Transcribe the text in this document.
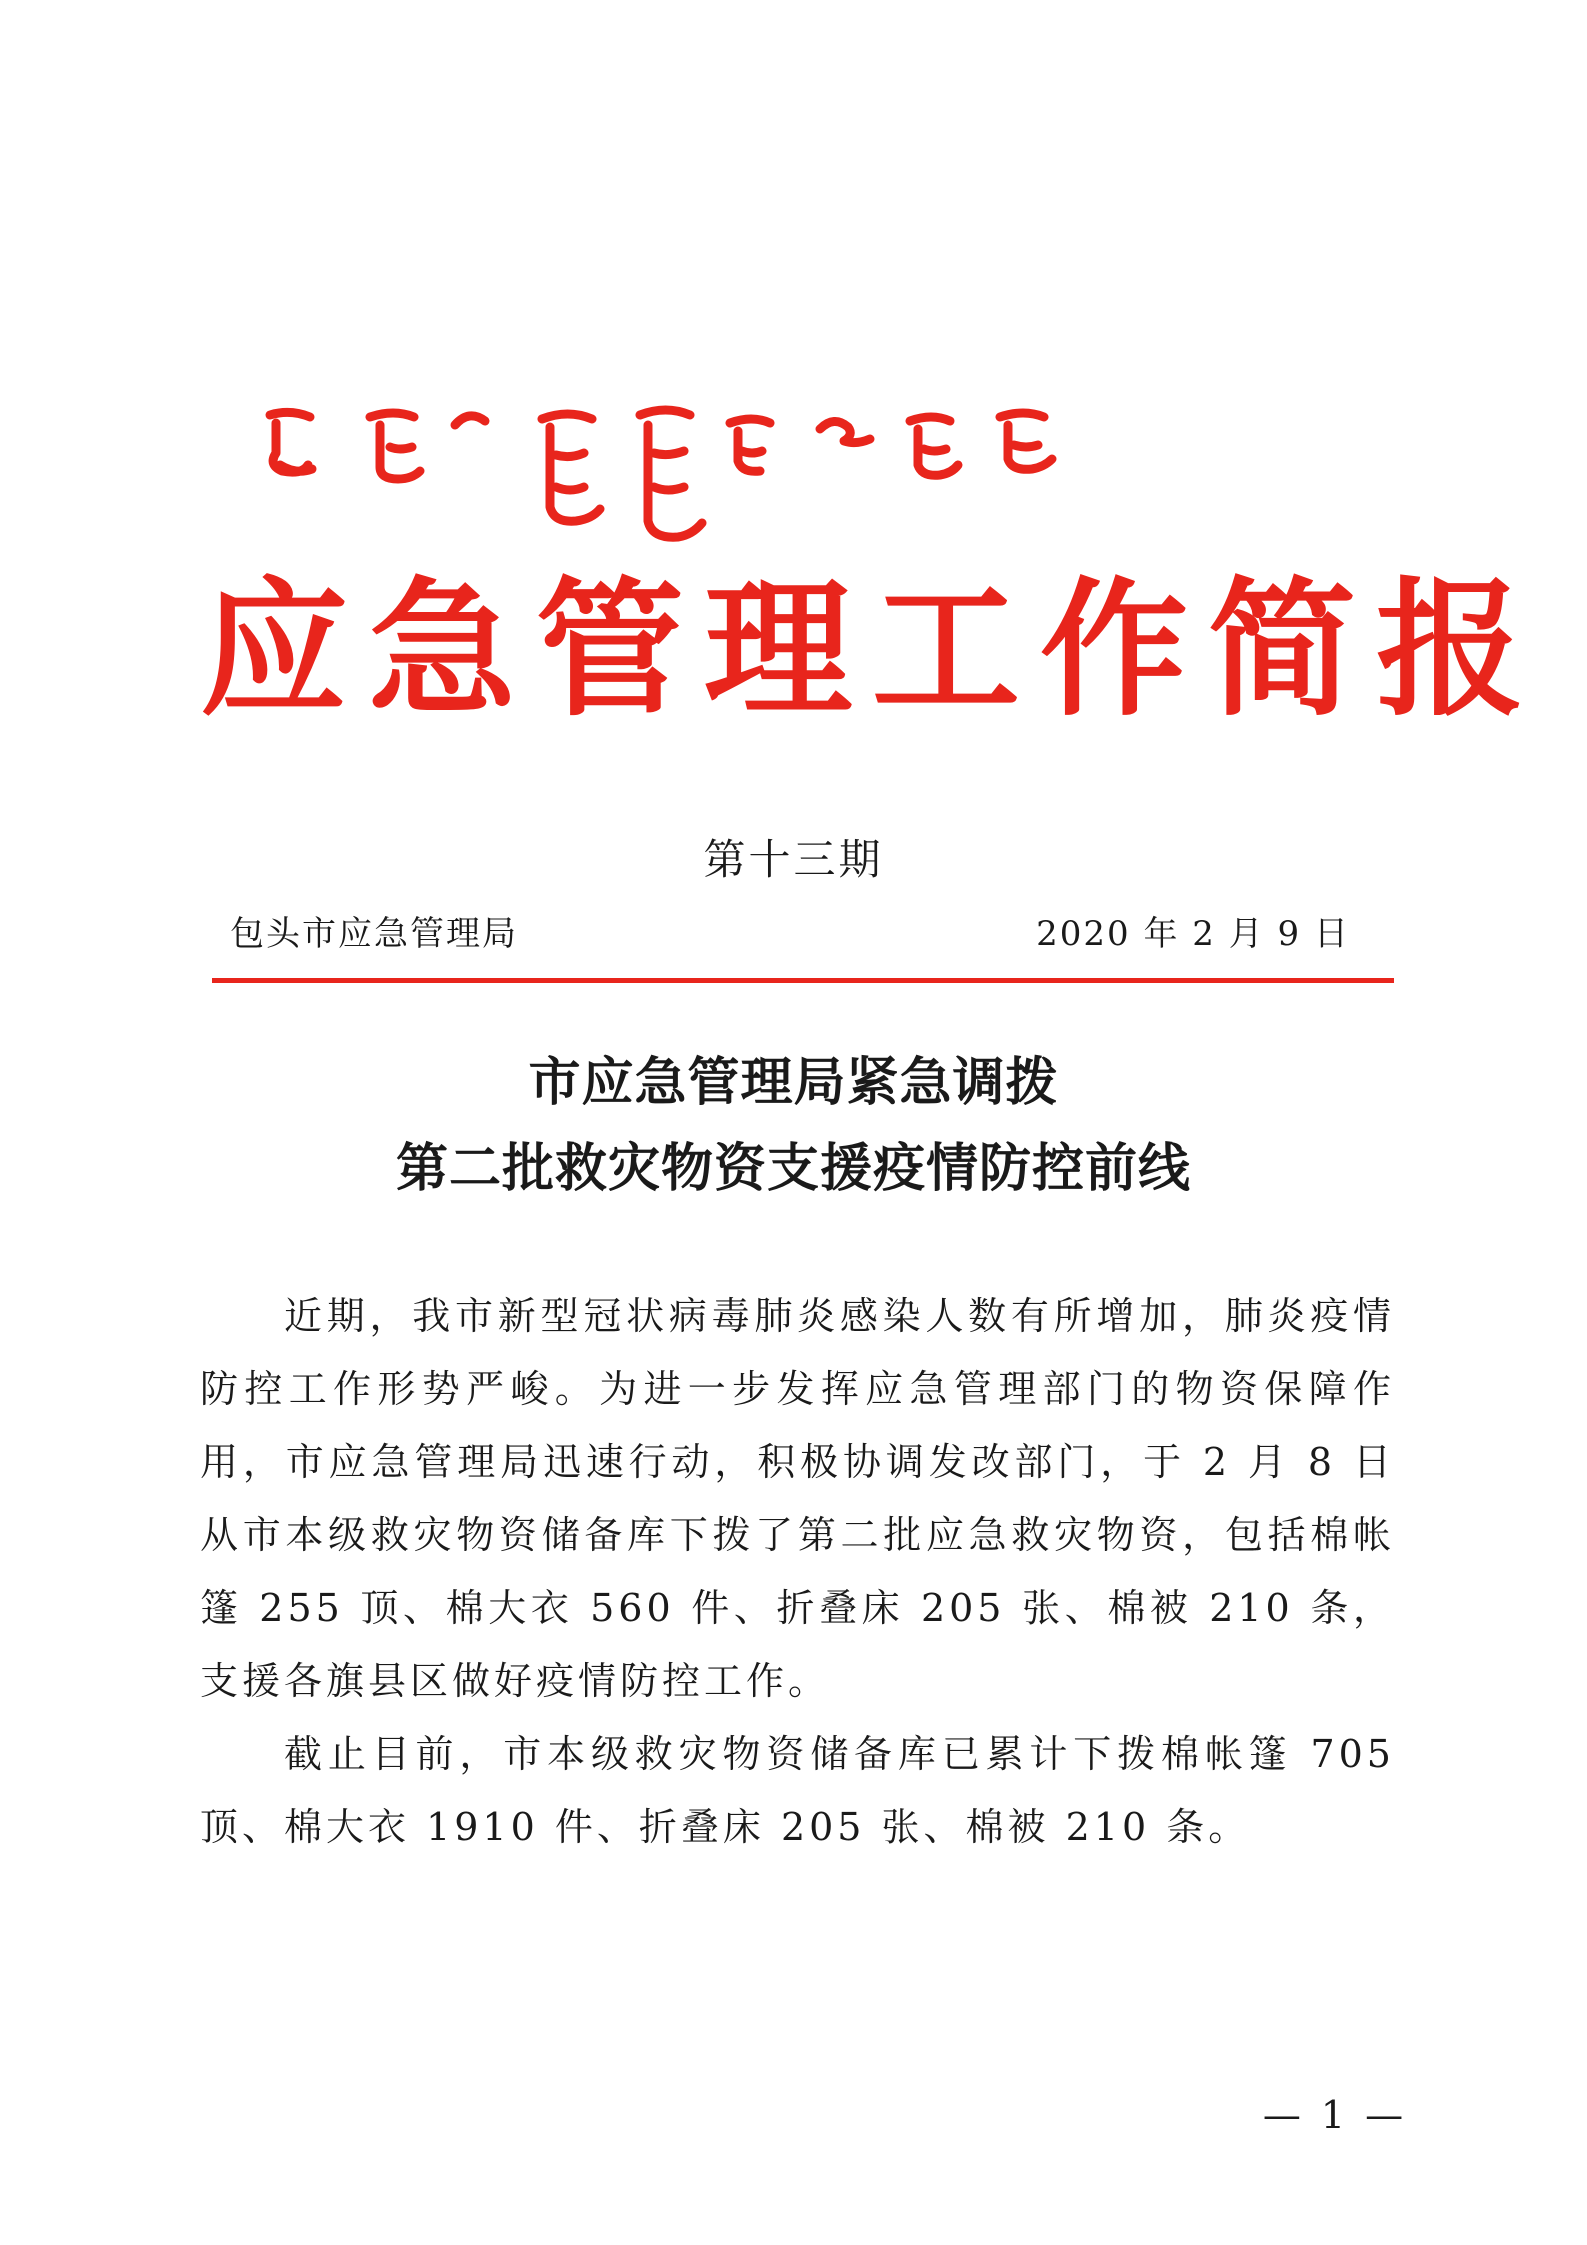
应急管理工作简报
第十三期
包头市应急管理局	2020 年 2 月 9 日
市应急管理局紧急调拨
第二批救灾物资支援疫情防控前线

近期，我市新型冠状病毒肺炎感染人数有所增加，肺炎疫情防控工作形势严峻。为进一步发挥应急管理部门的物资保障作用，市应急管理局迅速行动，积极协调发改部门，于 2 月 8 日从市本级救灾物资储备库下拨了第二批应急救灾物资，包括棉帐篷 255 顶、棉大衣 560 件、折叠床 205 张、棉被 210 条，支援各旗县区做好疫情防控工作。

截止目前，市本级救灾物资储备库已累计下拨棉帐篷 705 顶、棉大衣 1910 件、折叠床 205 张、棉被 210 条。

— 1 —
